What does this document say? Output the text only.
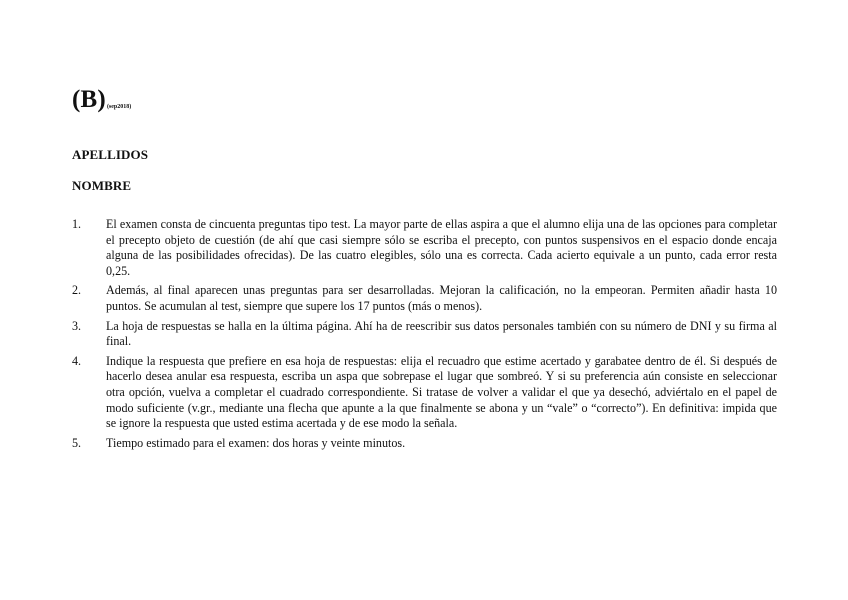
(B)(sep2018)
APELLIDOS
NOMBRE
1.	El examen consta de cincuenta preguntas tipo test. La mayor parte de ellas aspira a que el alumno elija una de las opciones para completar el precepto objeto de cuestión (de ahí que casi siempre sólo se escriba el precepto, con puntos suspensivos en el espacio donde encaja alguna de las posibilidades ofrecidas). De las cuatro elegibles, sólo una es correcta. Cada acierto equivale a un punto, cada error resta 0,25.
2.	Además, al final aparecen unas preguntas para ser desarrolladas. Mejoran la calificación, no la empeoran. Permiten añadir hasta 10 puntos. Se acumulan al test, siempre que supere los 17 puntos (más o menos).
3.	La hoja de respuestas se halla en la última página. Ahí ha de reescribir sus datos personales también con su número de DNI y su firma al final.
4.	Indique la respuesta que prefiere en esa hoja de respuestas: elija el recuadro que estime acertado y garabatee dentro de él. Si después de hacerlo desea anular esa respuesta, escriba un aspa que sobrepase el lugar que sombreó. Y si su preferencia aún consiste en seleccionar otra opción, vuelva a completar el cuadrado correspondiente. Si tratase de volver a validar el que ya desechó, adviértalo en el papel de modo suficiente (v.gr., mediante una flecha que apunte a la que finalmente se abona y un “vale” o “correcto”). En definitiva: impida que se ignore la respuesta que usted estima acertada y de ese modo la señala.
5.	Tiempo estimado para el examen: dos horas y veinte minutos.
